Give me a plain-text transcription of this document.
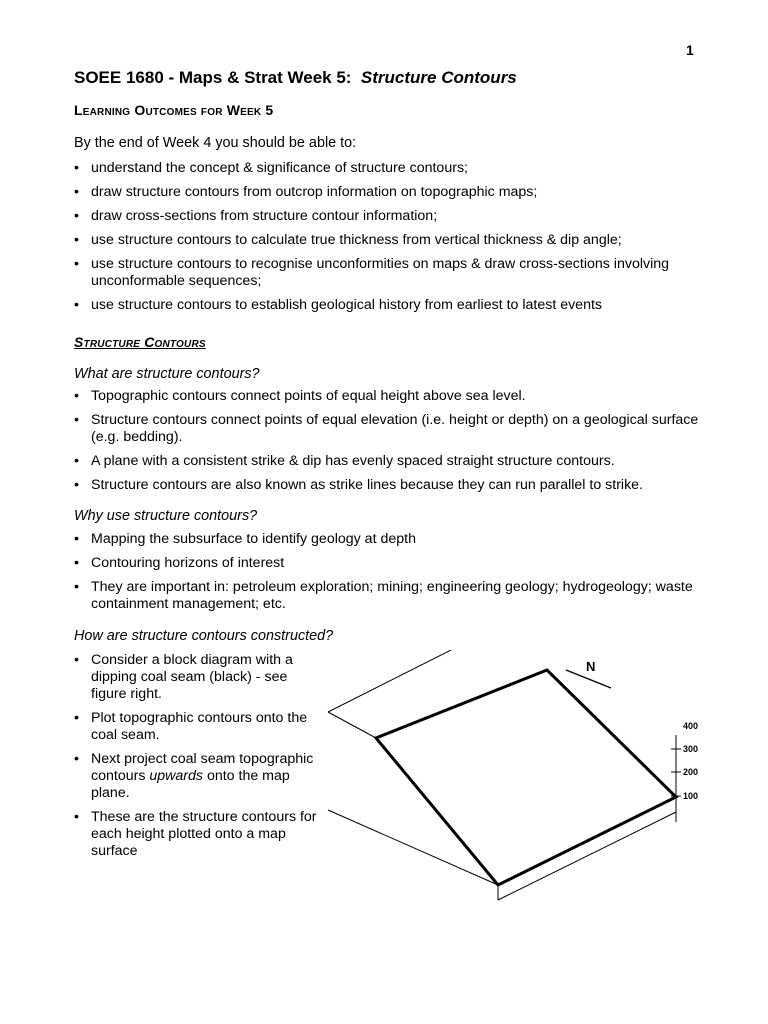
1
SOEE 1680 - Maps & Strat Week 5: Structure Contours
Learning Outcomes for Week 5
By the end of Week 4 you should be able to:
• understand the concept & significance of structure contours;
• draw structure contours from outcrop information on topographic maps;
• draw cross-sections from structure contour information;
• use structure contours to calculate true thickness from vertical thickness & dip angle;
• use structure contours to recognise unconformities on maps & draw cross-sections involving unconformable sequences;
• use structure contours to establish geological history from earliest to latest events
Structure Contours
What are structure contours?
• Topographic contours connect points of equal height above sea level.
• Structure contours connect points of equal elevation (i.e. height or depth) on a geological surface (e.g. bedding).
• A plane with a consistent strike & dip has evenly spaced straight structure contours.
• Structure contours are also known as strike lines because they can run parallel to strike.
Why use structure contours?
• Mapping the subsurface to identify geology at depth
• Contouring horizons of interest
• They are important in: petroleum exploration; mining; engineering geology; hydrogeology; waste containment management; etc.
How are structure contours constructed?
• Consider a block diagram with a dipping coal seam (black) - see figure right.
• Plot topographic contours onto the coal seam.
• Next project coal seam topographic contours upwards onto the map plane.
• These are the structure contours for each height plotted onto a map surface
N
400
300
200
100
